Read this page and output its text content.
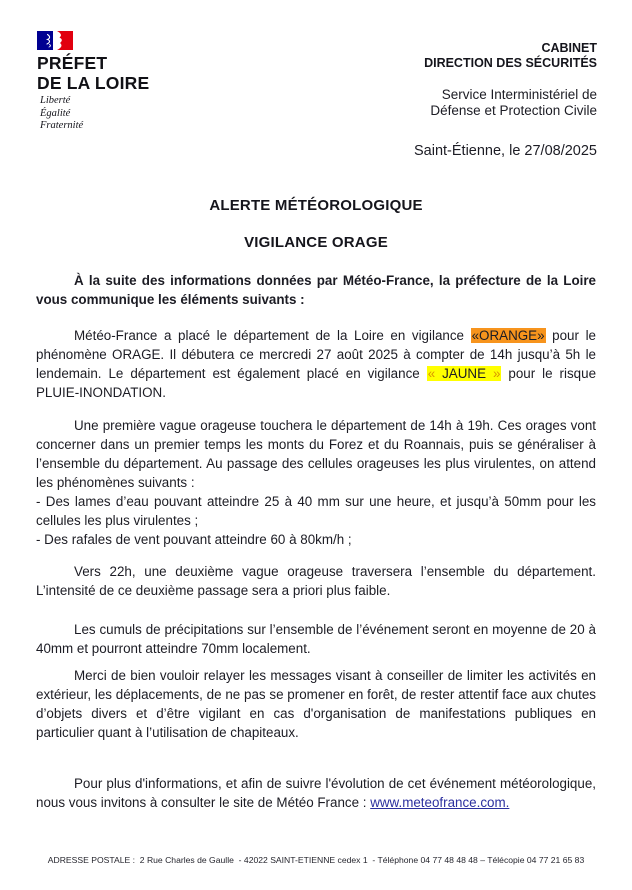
PRÉFET
DE LA LOIRE
Liberté
Égalité
Fraternité
CABINET
DIRECTION DES SÉCURITÉS
Service Interministériel de
Défense et Protection Civile
Saint-Étienne, le 27/08/2025
ALERTE MÉTÉOROLOGIQUE
VIGILANCE ORAGE
À la suite des informations données par Météo-France, la préfecture de la Loire vous communique les éléments suivants :
Météo-France a placé le département de la Loire en vigilance «ORANGE» pour le phénomène ORAGE. Il débutera ce mercredi 27 août 2025 à compter de 14h jusqu’à 5h le lendemain. Le département est également placé en vigilance « JAUNE » pour le risque PLUIE-INONDATION.
Une première vague orageuse touchera le département de 14h à 19h. Ces orages vont concerner dans un premier temps les monts du Forez et du Roannais, puis se généraliser à l’ensemble du département. Au passage des cellules orageuses les plus virulentes, on attend les phénomènes suivants :
- Des lames d’eau pouvant atteindre 25 à 40 mm sur une heure, et jusqu’à 50mm pour les cellules les plus virulentes ;
- Des rafales de vent pouvant atteindre 60 à 80km/h ;
Vers 22h, une deuxième vague orageuse traversera l’ensemble du département. L’intensité de ce deuxième passage sera a priori plus faible.
Les cumuls de précipitations sur l’ensemble de l’événement seront en moyenne de 20 à 40mm et pourront atteindre 70mm localement.
Merci de bien vouloir relayer les messages visant à conseiller de limiter les activités en extérieur, les déplacements, de ne pas se promener en forêt, de rester attentif face aux chutes d’objets divers et d’être vigilant en cas d'organisation de manifestations publiques en particulier quant à l’utilisation de chapiteaux.
Pour plus d'informations, et afin de suivre l'évolution de cet événement météorologique, nous vous invitons à consulter le site de Météo France : www.meteofrance.com.
ADRESSE POSTALE :  2 Rue Charles de Gaulle  - 42022 SAINT-ETIENNE cedex 1  - Téléphone 04 77 48 48 48 – Télécopie 04 77 21 65 83
